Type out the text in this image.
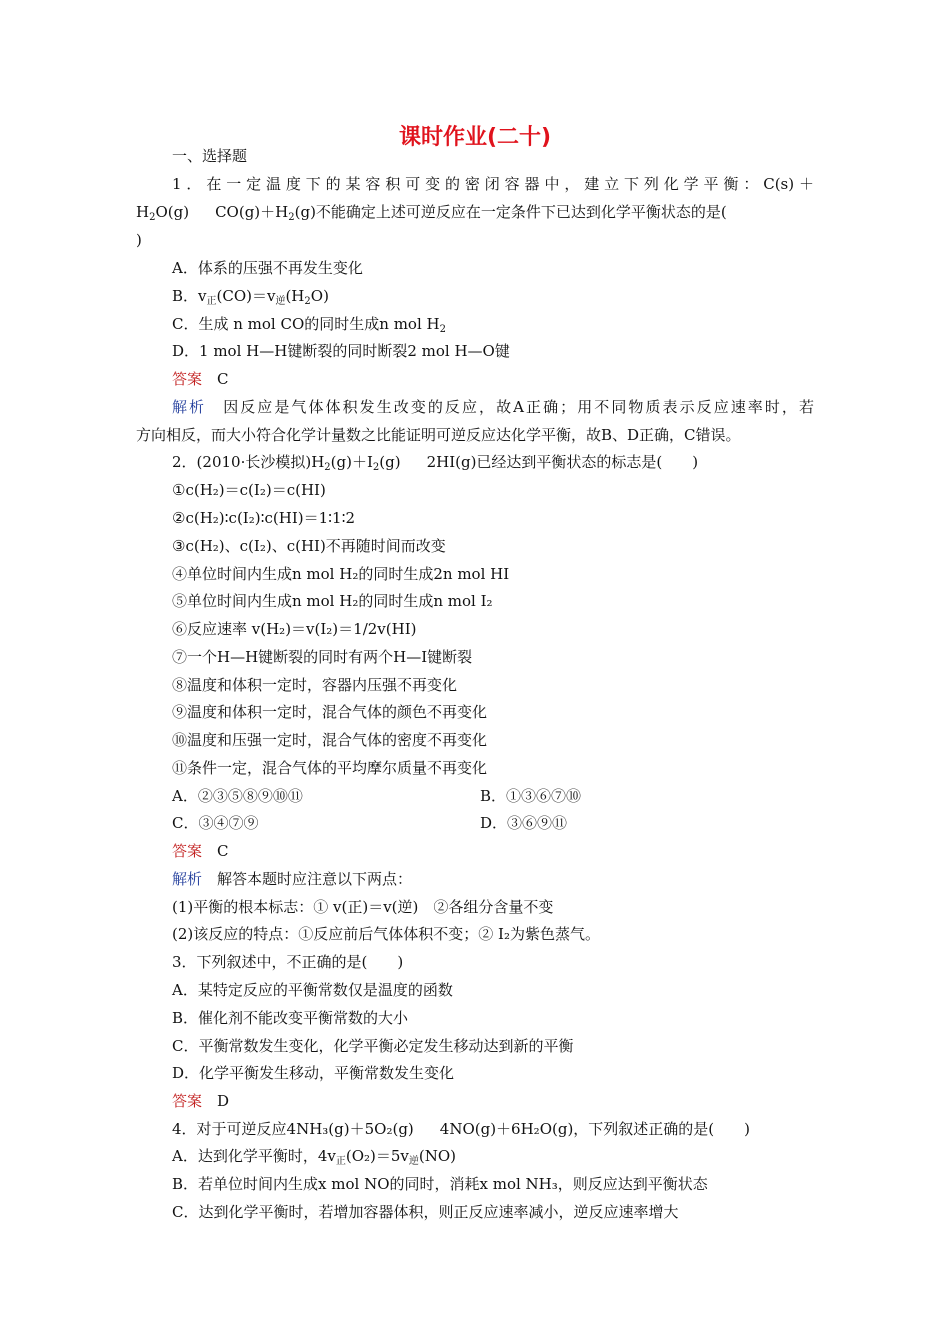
课时作业(二十)
一、选择题
1．在一定温度下的某容积可变的密闭容器中，建立下列化学平衡：C(s)＋
$H_2O(g)$ $CO(g)+H_2(g)$不能确定上述可逆反应在一定条件下已达到化学平衡状态的是(
)
A．体系的压强不再发生变化
B．$v_正(CO)=v_逆(H_2O)$
C．生成 n mol CO的同时生成n mol $H_2$
D．1 mol H—H键断裂的同时断裂2 mol H—O键
答案　 C
解析　 因反应是气体体积发生改变的反应，故A正确；用不同物质表示反应速率时，若
方向相反，而大小符合化学计量数之比能证明可逆反应达化学平衡，故B、D正确，C错误。
2．(2010·长沙模拟)$H_2(g)+I_2(g)$ 2HI(g)已经达到平衡状态的标志是(　　)
①c(H₂)＝c(I₂)＝c(HI)
②c(H₂)∶c(I₂)∶c(HI)＝1∶1∶2
③c(H₂)、c(I₂)、c(HI)不再随时间而改变
④单位时间内生成n mol H₂的同时生成2n mol HI
⑤单位时间内生成n mol H₂的同时生成n mol I₂
⑥反应速率 v(H₂)＝v(I₂)＝1/2v(HI)
⑦一个H—H键断裂的同时有两个H—I键断裂
⑧温度和体积一定时，容器内压强不再变化
⑨温度和体积一定时，混合气体的颜色不再变化
⑩温度和压强一定时，混合气体的密度不再变化
⑪条件一定，混合气体的平均摩尔质量不再变化
A．②③⑤⑧⑨⑩⑪	B．①③⑥⑦⑩
C．③④⑦⑨	D．③⑥⑨⑪
答案　 C
解析　 解答本题时应注意以下两点：
(1)平衡的根本标志：① v(正)＝v(逆)　②各组分含量不变
(2)该反应的特点：①反应前后气体体积不变；② I₂为紫色蒸气。
3．下列叙述中，不正确的是(　　)
A．某特定反应的平衡常数仅是温度的函数
B．催化剂不能改变平衡常数的大小
C．平衡常数发生变化，化学平衡必定发生移动达到新的平衡
D．化学平衡发生移动，平衡常数发生变化
答案　 D
4．对于可逆反应4NH₃(g)＋5O₂(g) 4NO(g)＋6H₂O(g)，下列叙述正确的是(　　)
A．达到化学平衡时，$4v_正(O_2)=5v_逆(NO)$
B．若单位时间内生成x mol NO的同时，消耗x mol NH₃，则反应达到平衡状态
C．达到化学平衡时，若增加容器体积，则正反应速率减小，逆反应速率增大
